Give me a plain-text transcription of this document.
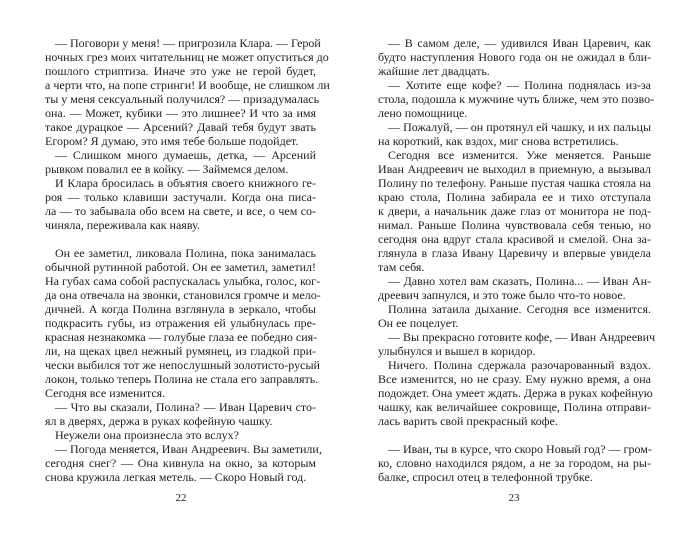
— Поговори у меня! — пригрозила Клара. — Герой
ночных грез моих читательниц не может опуститься до
пошлого стриптиза. Иначе это уже не герой будет,
а черти что, на попе стринги! И вообще, не слишком ли
ты у меня сексуальный получился? — призадумалась
она. — Может, кубики — это лишнее? И что за имя
такое дурацкое — Арсений? Давай тебя будут звать
Егором? Я думаю, это имя тебе больше подойдет.
— Слишком много думаешь, детка, — Арсений
рывком повалил ее в койку. — Займемся делом.
И Клара бросилась в объятия своего книжного ге-
роя — только клавиши застучали. Когда она писа-
ла — то забывала обо всем на свете, и все, о чем со-
чиняла, переживала как наяву.
Он ее заметил, ликовала Полина, пока занималась
обычной рутинной работой. Он ее заметил, заметил!
На губах сама собой распускалась улыбка, голос, ког-
да она отвечала на звонки, становился громче и мело-
дичней. А когда Полина взглянула в зеркало, чтобы
подкрасить губы, из отражения ей улыбнулась пре-
красная незнакомка — голубые глаза ее победно сия-
ли, на щеках цвел нежный румянец, из гладкой при-
чески выбился тот же непослушный золотисто-русый
локон, только теперь Полина не стала его заправлять.
Сегодня все изменится.
— Что вы сказали, Полина? — Иван Царевич сто-
ял в дверях, держа в руках кофейную чашку.
Неужели она произнесла это вслух?
— Погода меняется, Иван Андреевич. Вы заметили,
сегодня снег? — Она кивнула на окно, за которым
снова кружила легкая метель. — Скоро Новый год.
— В самом деле, — удивился Иван Царевич, как
будто наступления Нового года он не ожидал в бли-
жайшие лет двадцать.
— Хотите еще кофе? — Полина поднялась из-за
стола, подошла к мужчине чуть ближе, чем это позво-
лено помощнице.
— Пожалуй, — он протянул ей чашку, и их пальцы
на короткий, как вздох, миг снова встретились.
Сегодня все изменится. Уже меняется. Раньше
Иван Андреевич не выходил в приемную, а вызывал
Полину по телефону. Раньше пустая чашка стояла на
краю стола, Полина забирала ее и тихо отступала
к двери, а начальник даже глаз от монитора не под-
нимал. Раньше Полина чувствовала себя тенью, но
сегодня она вдруг стала красивой и смелой. Она за-
глянула в глаза Ивану Царевичу и впервые увидела
там себя.
— Давно хотел вам сказать, Полина... — Иван Ан-
дреевич запнулся, и это тоже было что-то новое.
Полина затаила дыхание. Сегодня все изменится.
Он ее поцелует.
— Вы прекрасно готовите кофе, — Иван Андреевич
улыбнулся и вышел в коридор.
Ничего. Полина сдержала разочарованный вздох.
Все изменится, но не сразу. Ему нужно время, а она
подождет. Она умеет ждать. Держа в руках кофейную
чашку, как величайшее сокровище, Полина отправи-
лась варить свой прекрасный кофе.
— Иван, ты в курсе, что скоро Новый год? — гром-
ко, словно находился рядом, а не за городом, на ры-
балке, спросил отец в телефонной трубке.
22	23
